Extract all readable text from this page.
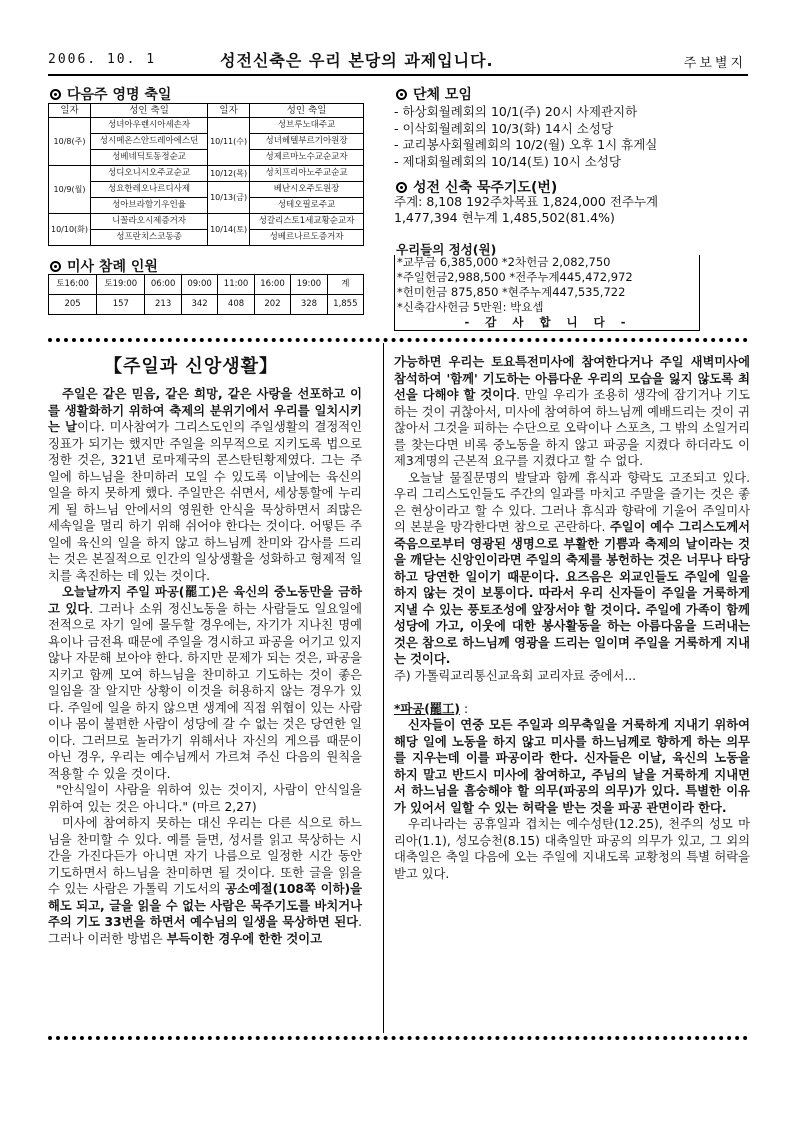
2006. 10. 1	성전신축은 우리 본당의 과제입니다.	주보별지
다음주 영명 축일
일자	성인 축일	일자	성인 축일
10/8(주)	성녀아우렌시아세손자	10/11(수)	성브루노대주교
	성시메온스안드레아에스딘		성녀헤텔부르기아원장
	성베네딕토동정순교		성제르마노수교순교자
10/9(월)	성디오니시오주교순교	10/12(목)	성치프리아노주교순교
	성요한레오나르디사제	10/13(금)	베난시오주도원장
	성아브라함기우인율		성테오필로주교
10/10(화)	니꼴라오시제증거자	10/14(토)	성갈리스토1세교황순교자
	성프란치스코동종		성베르나르도증거자
미사 참례 인원
토16:00	토19:00	06:00	09:00	11:00	16:00	19:00	계
205	157	213	342	408	202	328	1,855
단체 모임
- 하상회월례회의 10/1(주) 20시 사제관지하
- 이삭회월례회의 10/3(화) 14시 소성당
- 교리봉사회월례회의 10/2(월) 오후 1시 휴게실
- 제대회월례회의 10/14(토) 10시 소성당
성전 신축 묵주기도(번)
주계: 8,108 192주차목표 1,824,000 전주누계
1,477,394 현누계 1,485,502(81.4%)
우리들의 정성(원)
*교무금 6,385,000 *2차헌금 2,082,750
*주일헌금2,988,500 *전주누계445,472,972
*헌미헌금 875,850 *현주누계447,535,722
*신축감사헌금 5만원: 박요셉
- 감 사 합 니 다 -
【주일과 신앙생활】

주일은 같은 믿음, 같은 희망, 같은 사랑을 선포하고 이를 생활화하기 위하여 축제의 분위기에서 우리를 일치시키는 날이다. 미사참여가 그리스도인의 주일생활의 결정적인 징표가 되기는 했지만 주일을 의무적으로 지키도록 법으로 정한 것은, 321년 로마제국의 콘스탄틴황제였다. 그는 주일에 하느님을 찬미하러 모일 수 있도록 이날에는 육신의 일을 하지 못하게 했다. 주일만은 쉬면서, 세상통할에 누리게 될 하느님 안에서의 영원한 안식을 묵상하면서 죄많은 세속일을 멀리 하기 위해 쉬어야 한다는 것이다. 어떻든 주일에 육신의 일을 하지 않고 하느님께 찬미와 감사를 드리는 것은 본질적으로 인간의 일상생활을 성화하고 형제적 일치를 촉진하는 데 있는 것이다.

오늘날까지 주일 파공(罷工)은 육신의 중노동만을 금하고 있다. 그러나 소위 정신노동을 하는 사람들도 일요일에 전적으로 자기 일에 몰두할 경우에는, 자기가 지나친 명예욕이나 금전욕 때문에 주일을 경시하고 파공을 어기고 있지 않나 자문해 보아야 한다. 하지만 문제가 되는 것은, 파공을 지키고 함께 모여 하느님을 찬미하고 기도하는 것이 좋은 일임을 잘 알지만 상황이 이것을 허용하지 않는 경우가 있다. 주일에 일을 하지 않으면 생계에 직접 위협이 있는 사람이나 몸이 불편한 사람이 성당에 갈 수 없는 것은 당연한 일이다. 그러므로 놀러가기 위해서나 자신의 게으름 때문이 아닌 경우, 우리는 예수님께서 가르쳐 주신 다음의 원칙을 적용할 수 있을 것이다.

"안식일이 사람을 위하여 있는 것이지, 사람이 안식일을 위하여 있는 것은 아니다." (마르 2,27)

미사에 참여하지 못하는 대신 우리는 다른 식으로 하느님을 찬미할 수 있다. 예를 들면, 성서를 읽고 묵상하는 시간을 가진다든가 아니면 자기 나름으로 일정한 시간 동안 기도하면서 하느님을 찬미하면 될 것이다. 또한 글을 읽을 수 있는 사람은 가톨릭 기도서의 공소예절(108쪽 이하)을 해도 되고, 글을 읽을 수 없는 사람은 묵주기도를 바치거나 주의 기도 33번을 하면서 예수님의 일생을 묵상하면 된다. 그러나 이러한 방법은 부득이한 경우에 한한 것이고

가능하면 우리는 토요특전미사에 참여한다거나 주일 새벽미사에 참석하여 '함께' 기도하는 아름다운 우리의 모습을 잃지 않도록 최선을 다해야 할 것이다. 만일 우리가 조용히 생각에 잠기거나 기도하는 것이 귀찮아서, 미사에 참여하여 하느님께 예배드리는 것이 귀찮아서 그것을 피하는 수단으로 오락이나 스포츠, 그 밖의 소일거리를 찾는다면 비록 중노동을 하지 않고 파공을 지켰다 하더라도 이 제3계명의 근본적 요구를 지켰다고 할 수 없다.

오늘날 물질문명의 발달과 함께 휴식과 향락도 고조되고 있다. 우리 그리스도인들도 주간의 일과를 마치고 주말을 즐기는 것은 좋은 현상이라고 할 수 있다. 그러나 휴식과 향락에 기울어 주일미사의 본분을 망각한다면 참으로 곤란하다. 주일이 예수 그리스도께서 죽음으로부터 영광된 생명으로 부활한 기쁨과 축제의 날이라는 것을 깨닫는 신앙인이라면 주일의 축제를 봉헌하는 것은 너무나 타당하고 당연한 일이기 때문이다. 요즈음은 외교인들도 주일에 일을 하지 않는 것이 보통이다. 따라서 우리 신자들이 주일을 거룩하게 지낼 수 있는 풍토조성에 앞장서야 할 것이다. 주일에 가족이 함께 성당에 가고, 이웃에 대한 봉사활동을 하는 아름다움을 드러내는 것은 참으로 하느님께 영광을 드리는 일이며 주일을 거룩하게 지내는 것이다.

주) 가톨릭교리통신교육회 교리자료 중에서...

*파공(罷工) :

신자들이 연중 모든 주일과 의무축일을 거룩하게 지내기 위하여 해당 일에 노동을 하지 않고 미사를 하느님께로 향하게 하는 의무를 지우는데 이를 파공이라 한다. 신자들은 이날, 육신의 노동을 하지 말고 반드시 미사에 참여하고, 주님의 날을 거룩하게 지내면서 하느님을 흠숭해야 할 의무(파공의 의무)가 있다. 특별한 이유가 있어서 일할 수 있는 허락을 받는 것을 파공 관면이라 한다.

우리나라는 공휴일과 겹치는 예수성탄(12.25), 천주의 성모 마리아(1.1), 성모승천(8.15) 대축일만 파공의 의무가 있고, 그 외의 대축일은 축일 다음에 오는 주일에 지내도록 교황청의 특별 허락을 받고 있다.
